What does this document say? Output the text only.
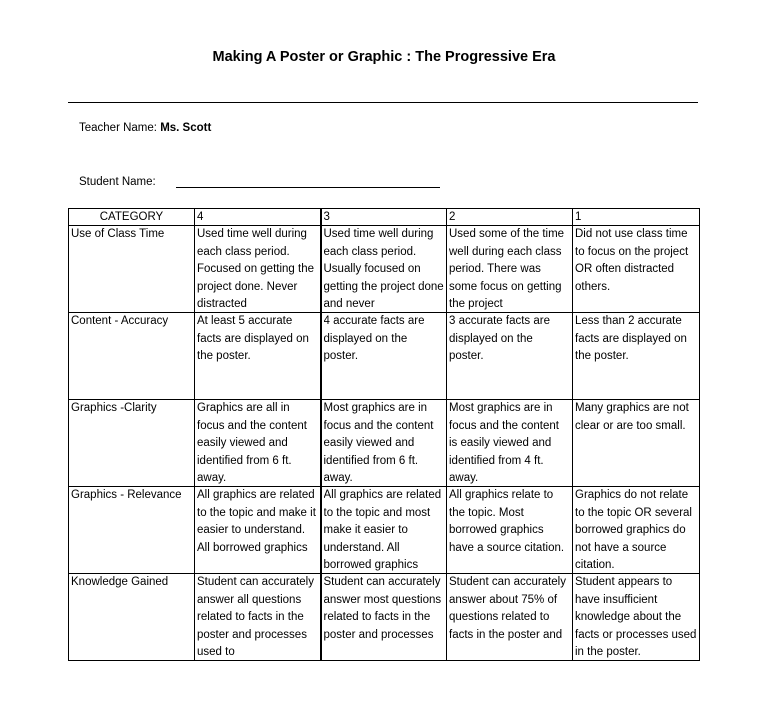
Making A Poster or Graphic : The Progressive Era
Teacher Name: Ms. Scott
Student Name:
CATEGORY	4	3	2	1

Use of Class Time	Used time well during each class period. Focused on getting the project done. Never distracted	Used time well during each class period. Usually focused on getting the project done and never	Used some of the time well during each class period. There was some focus on getting the project	Did not use class time to focus on the project OR often distracted others.

Content - Accuracy	At least 5 accurate facts are displayed on the poster.	4 accurate facts are displayed on the poster.	3 accurate facts are displayed on the poster.	Less than 2 accurate facts are displayed on the poster.

Graphics -Clarity	Graphics are all in focus and the content easily viewed and identified from 6 ft. away.	Most graphics are in focus and the content easily viewed and identified from 6 ft. away.	Most graphics are in focus and the content is easily viewed and identified from 4 ft. away.	Many graphics are not clear or are too small.

Graphics - Relevance	All graphics are related to the topic and make it easier to understand. All borrowed graphics	All graphics are related to the topic and most make it easier to understand. All borrowed graphics	All graphics relate to the topic. Most borrowed graphics have a source citation.	Graphics do not relate to the topic OR several borrowed graphics do not have a source citation.

Knowledge Gained	Student can accurately answer all questions related to facts in the poster and processes used to	Student can accurately answer most questions related to facts in the poster and processes	Student can accurately answer about 75% of questions related to facts in the poster and	Student appears to have insufficient knowledge about the facts or processes used in the poster.
